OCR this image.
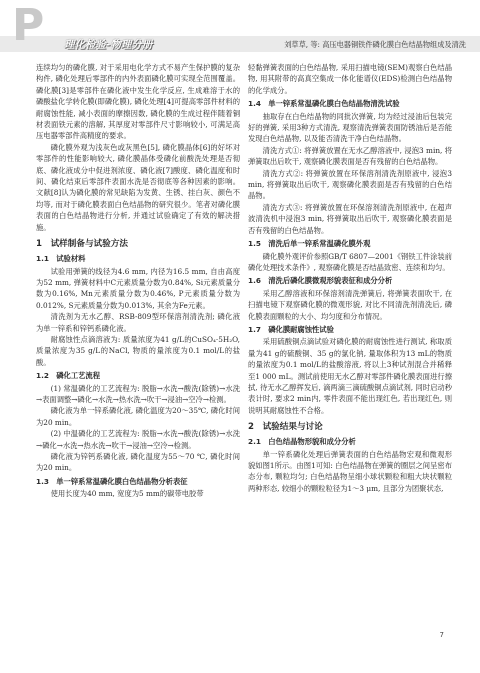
P	理化检验-物理分册	刘草草, 等: 高压电器铜铁件磷化膜白色结晶物组成及清洗

连续均匀的磷化膜, 对于采用电化学方式不易产生保护膜的复杂构件, 磷化处理后零部件的内外表面磷化膜可实现全范围覆盖。磷化膜[3]是零部件在磷化液中发生化学反应, 生成难溶于水的磷酸盐化学转化膜(即磷化膜), 磷化处理[4]可提高零部件材料的耐腐蚀性能, 减小表面的摩擦因数, 磷化膜的生成过程伴随着铜材表面铁元素的溶解, 其厚度对零部件尺寸影响较小, 可满足高压电器零部件高精度的要求。

磷化膜外观为浅灰色或灰黑色[5], 磷化膜晶体[6]的好坏对零部件的性能影响较大, 磷化膜晶体受磷化前酸洗处理是否彻底、磷化液成分中促进剂浓度、磷化液[7]酸度、磷化温度和时间、磷化结束后零部件表面水洗是否彻底等各种因素的影响。文献[8]认为磷化膜的常见缺陷为发黄、生锈、挂白灰、颜色不均等, 而对于磷化膜表面白色结晶物的研究很少。笔者对磷化膜表面的白色结晶物进行分析, 并通过试验确定了有效的解决措施。

1　试样制备与试验方法
1.1　试验材料

试验用弹簧的线径为4.6 mm, 内径为16.5 mm, 自由高度为52 mm, 弹簧材料中C元素质量分数为0.84%, Si元素质量分数为0.16%, Mn元素质量分数为0.46%, P元素质量分数为0.012%, S元素质量分数为0.013%, 其余为Fe元素。

清洗剂为无水乙醇、RSB-809型环保溶剂清洗剂; 磷化液为单一锌系和锌钙系磷化液。

耐腐蚀性点滴溶液为: 质量浓度为41 g/L的CuSO₄·5H₂O, 质量浓度为35 g/L的NaCl, 物质的量浓度为0.1 mol/L的盐酸。

1.2　磷化工艺流程

(1) 常温磷化的工艺流程为: 脱脂→水洗→酸洗(除锈)→水洗→表面调整→磷化→水洗→热水洗→吹干→浸油→空冷→检测。

磷化液为单一锌系磷化液, 磷化温度为20～35℃, 磷化时间为20 min。

(2) 中温磷化的工艺流程为: 脱脂→水洗→酸洗(除锈)→水洗→磷化→水洗→热水洗→吹干→浸油→空冷→检测。

磷化液为锌钙系磷化液, 磷化温度为55～70 ℃, 磷化时间为20 min。

1.3　单一锌系常温磷化膜白色结晶物分析表征

使用长度为40 mm, 宽度为5 mm的碳带电胶带

轻黏弹簧表面的白色结晶物, 采用扫描电镜(SEM)观察白色结晶物, 用其附带的高真空集成一体化能谱仪(EDS)检测白色结晶物的化学成分。

1.4　单一锌系常温磷化膜白色结晶物清洗试验

抽取存在白色结晶物的同批次弹簧, 均为经过浸油后包装完好的弹簧, 采用3种方式清洗, 观察清洗弹簧表面防锈油后是否能发现白色结晶物, 以及能否清洗干净白色结晶物。

清洗方式①: 将弹簧放置在无水乙醇溶液中, 浸泡3 min, 将弹簧取出后吹干, 观察磷化膜表面是否有残留的白色结晶物。

清洗方式②: 将弹簧放置在环保溶剂清洗剂原液中, 浸泡3 min, 将弹簧取出后吹干, 观察磷化膜表面是否有残留的白色结晶物。

清洗方式③: 将弹簧放置在环保溶剂清洗剂原液中, 在超声波清洗机中浸泡3 min, 将弹簧取出后吹干, 观察磷化膜表面是否有残留的白色结晶物。

1.5　清洗后单一锌系常温磷化膜外观

磷化膜外观评价参照GB/T 6807—2001《钢铁工件涂装前磷化处理技术条件》, 观察磷化膜是否结晶致密、连续和均匀。

1.6　清洗后磷化膜微观形貌表征和成分分析

采用乙醇溶液和环保溶剂清洗弹簧后, 将弹簧表面吹干, 在扫描电镜下观察磷化膜的微观形貌, 对比不同清洗剂清洗后, 磷化膜表面颗粒的大小、均匀度和分布情况。

1.7　磷化膜耐腐蚀性试验

采用硫酸铜点滴试验对磷化膜的耐腐蚀性进行测试, 称取质量为41 g的硫酸铜、35 g的氯化钠, 量取体积为13 mL的物质的量浓度为0.1 mol/L的盐酸溶液, 将以上3种试剂混合并稀释至1 000 mL。测试前使用无水乙醇对零部件磷化膜表面进行擦拭, 待无水乙醇挥发后, 滴两滴三滴硫酸铜点滴试剂, 同时启动秒表计时, 要求2 min内, 零件表面不能出现红色, 若出现红色, 则说明其耐腐蚀性不合格。

2　试验结果与讨论
2.1　白色结晶物形貌和成分分析

单一锌系磷化处理后弹簧表面的白色结晶物宏观和微观形貌如图1所示。由图1可知: 白色结晶物在弹簧的圈层之间呈密布态分布, 颗粒均匀; 白色结晶物呈细小球状颗粒和粗大块状颗粒两种形态, 较细小的颗粒粒径为1～3 μm, 且部分为团聚状态,

7
